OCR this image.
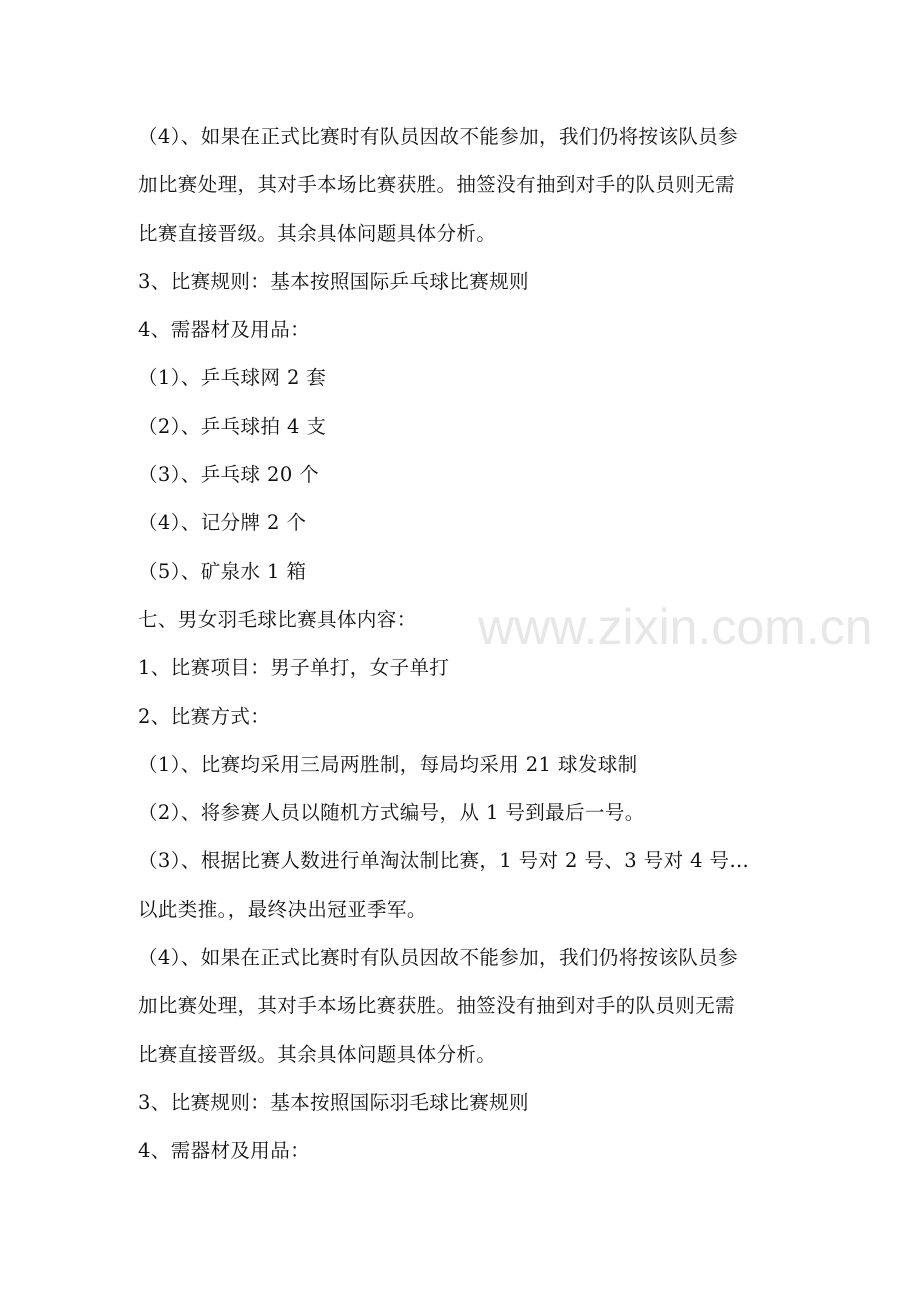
（4）、如果在正式比赛时有队员因故不能参加，我们仍将按该队员参
加比赛处理，其对手本场比赛获胜。抽签没有抽到对手的队员则无需
比赛直接晋级。其余具体问题具体分析。
3、比赛规则：基本按照国际乒乓球比赛规则
4、需器材及用品：
（1）、乒乓球网 2 套
（2）、乒乓球拍 4 支
（3）、乒乓球 20 个
（4）、记分牌 2 个
（5）、矿泉水 1 箱
七、男女羽毛球比赛具体内容：
1、比赛项目：男子单打，女子单打
2、比赛方式：
（1）、比赛均采用三局两胜制，每局均采用 21 球发球制
（2）、将参赛人员以随机方式编号，从 1 号到最后一号。
（3）、根据比赛人数进行单淘汰制比赛，1 号对 2 号、3 号对 4 号…
以此类推。，最终决出冠亚季军。
（4）、如果在正式比赛时有队员因故不能参加，我们仍将按该队员参
加比赛处理，其对手本场比赛获胜。抽签没有抽到对手的队员则无需
比赛直接晋级。其余具体问题具体分析。
3、比赛规则：基本按照国际羽毛球比赛规则
4、需器材及用品：
www.zixin.com.cn
